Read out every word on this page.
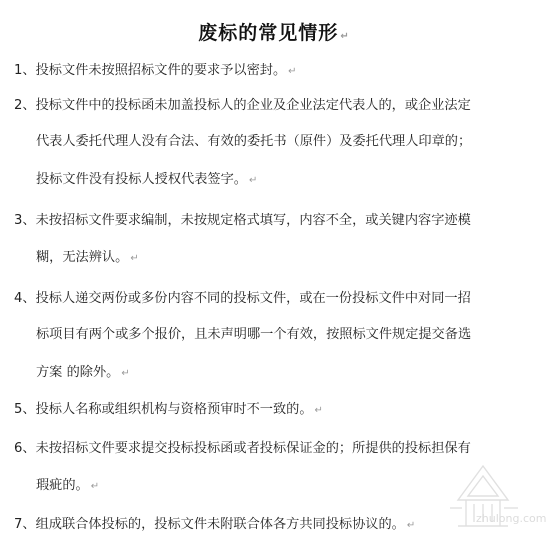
废标的常见情形 ↵
1、投标文件未按照招标文件的要求予以密封。 ↵
2、投标文件中的投标函未加盖投标人的企业及企业法定代表人的，或企业法定
代表人委托代理人没有合法、有效的委托书（原件）及委托代理人印章的；
投标文件没有投标人授权代表签字。 ↵
3、未按招标文件要求编制，未按规定格式填写，内容不全，或关键内容字迹模
糊，无法辨认。 ↵
4、投标人递交两份或多份内容不同的投标文件，或在一份投标文件中对同一招
标项目有两个或多个报价，且未声明哪一个有效，按照标文件规定提交备选
方案 的除外。 ↵
5、投标人名称或组织机构与资格预审时不一致的。 ↵
6、未按招标文件要求提交投标投标函或者投标保证金的；所提供的投标担保有
瑕疵的。 ↵
7、组成联合体投标的，投标文件未附联合体各方共同投标协议的。 ↵
zhulong.com
